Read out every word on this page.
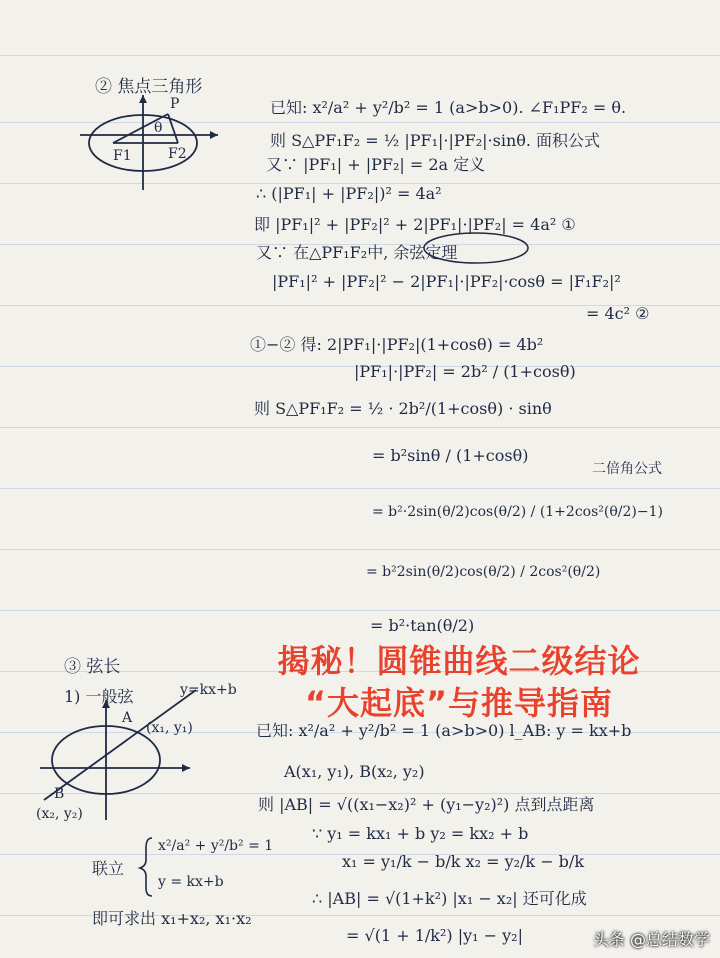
② 焦点三角形
P
F1	F2
θ
已知: x²/a² + y²/b² = 1 (a>b>0). ∠F₁PF₂ = θ.
则 S△PF₁F₂ = ½ |PF₁|·|PF₂|·sinθ. 面积公式
又∵ |PF₁| + |PF₂| = 2a 定义
∴ (|PF₁| + |PF₂|)² = 4a²
即 |PF₁|² + |PF₂|² + 2|PF₁|·|PF₂| = 4a² ①
又∵ 在△PF₁F₂中, 余弦定理
|PF₁|² + |PF₂|² − 2|PF₁|·|PF₂|·cosθ = |F₁F₂|²
= 4c² ②
①−② 得: 2|PF₁|·|PF₂|(1+cosθ) = 4b²
|PF₁|·|PF₂| = 2b² / (1+cosθ)
则 S△PF₁F₂ = ½ · 2b²/(1+cosθ) · sinθ
= b²sinθ / (1+cosθ)
= b²·2sin(θ/2)cos(θ/2) / (1+2cos²(θ/2)−1)
= b²2sin(θ/2)cos(θ/2) / 2cos²(θ/2)
= b²·tan(θ/2)
二倍角公式
揭秘！圆锥曲线二级结论
“大起底”与推导指南
③ 弦长
1) 一般弦	y=kx+b
A
(x₁, y₁)
B
(x₂, y₂)
已知: x²/a² + y²/b² = 1 (a>b>0) l_AB: y = kx+b
A(x₁, y₁), B(x₂, y₂)
则 |AB| = √((x₁−x₂)² + (y₁−y₂)²) 点到点距离
∵ y₁ = kx₁ + b y₂ = kx₂ + b
x₁ = y₁/k − b/k x₂ = y₂/k − b/k
∴ |AB| = √(1+k²) |x₁ − x₂| 还可化成
= √(1 + 1/k²) |y₁ − y₂|
联立
x²/a² + y²/b² = 1
y = kx+b
即可求出 x₁+x₂, x₁·x₂
头条 @总结数学
